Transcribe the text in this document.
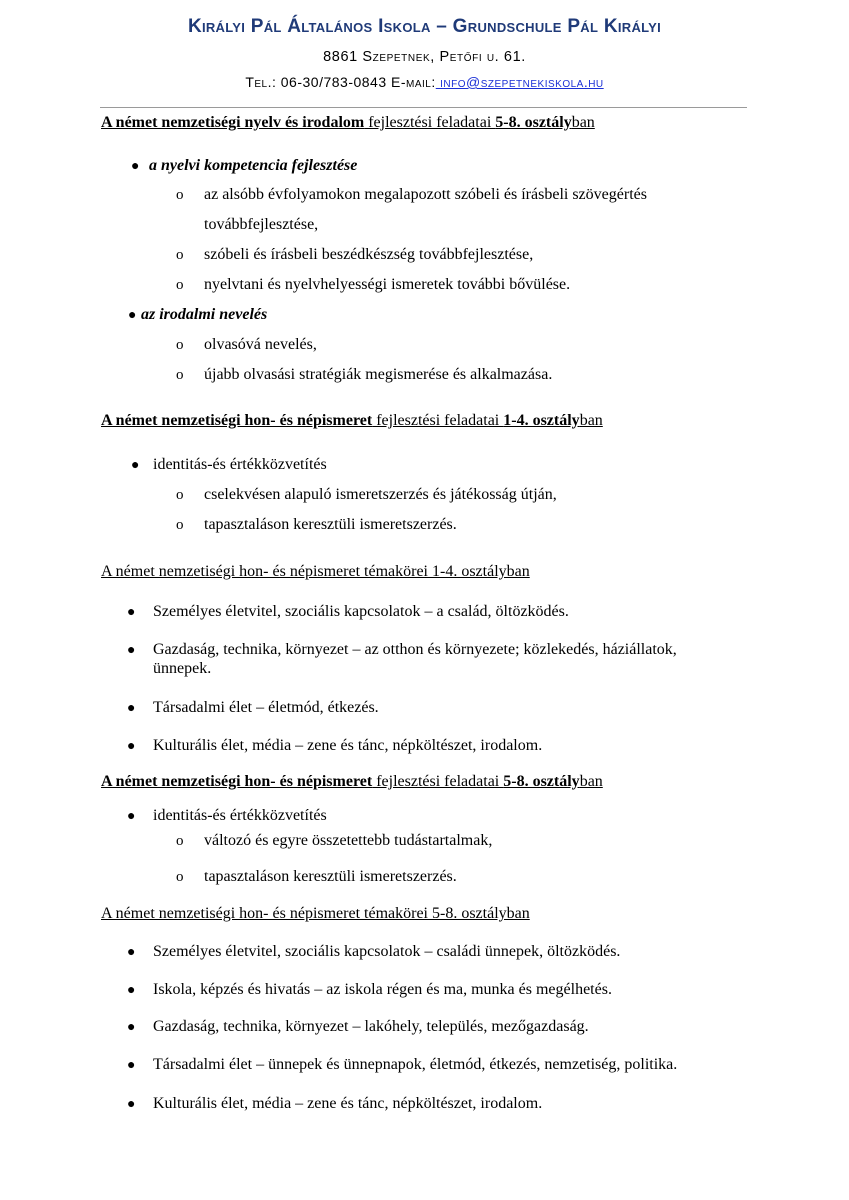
Királyi Pál Általános Iskola – Grundschule Pál Királyi
8861 Szepetnek, Petőfi u. 61.
Tel.: 06-30/783-0843 E-mail: info@szepetnekiskola.hu
A német nemzetiségi nyelv és irodalom fejlesztési feladatai 5-8. osztályban
● a nyelvi kompetencia fejlesztése
o az alsóbb évfolyamokon megalapozott szóbeli és írásbeli szövegértés
továbbfejlesztése,
o szóbeli és írásbeli beszédkészség továbbfejlesztése,
o nyelvtani és nyelvhelyességi ismeretek további bővülése.
● az irodalmi nevelés
o olvasóvá nevelés,
o újabb olvasási stratégiák megismerése és alkalmazása.
A német nemzetiségi hon- és népismeret fejlesztési feladatai 1-4. osztályban
● identitás-és értékközvetítés
o cselekvésen alapuló ismeretszerzés és játékosság útján,
o tapasztaláson keresztüli ismeretszerzés.
A német nemzetiségi hon- és népismeret témakörei 1-4. osztályban
● Személyes életvitel, szociális kapcsolatok – a család, öltözködés.
● Gazdaság, technika, környezet – az otthon és környezete; közlekedés, háziállatok,
ünnepek.
● Társadalmi élet – életmód, étkezés.
● Kulturális élet, média – zene és tánc, népköltészet, irodalom.
A német nemzetiségi hon- és népismeret fejlesztési feladatai 5-8. osztályban
● identitás-és értékközvetítés
o változó és egyre összetettebb tudástartalmak,
o tapasztaláson keresztüli ismeretszerzés.
A német nemzetiségi hon- és népismeret témakörei 5-8. osztályban
● Személyes életvitel, szociális kapcsolatok – családi ünnepek, öltözködés.
● Iskola, képzés és hivatás – az iskola régen és ma, munka és megélhetés.
● Gazdaság, technika, környezet – lakóhely, település, mezőgazdaság.
● Társadalmi élet – ünnepek és ünnepnapok, életmód, étkezés, nemzetiség, politika.
● Kulturális élet, média – zene és tánc, népköltészet, irodalom.
